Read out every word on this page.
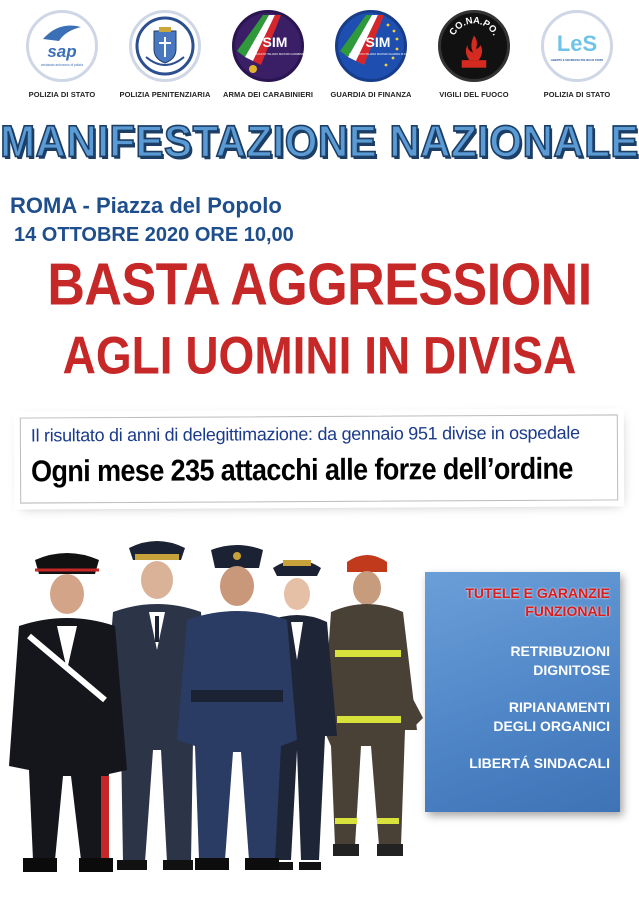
sap
sindacato autonomo di polizia
POLIZIA DI STATO	POLIZIA PENITENZIARIA
SIM
SINDACATO ITALIANO MILITARI CARABINIERI
ARMA DEI CARABINIERI
SIM
SINDACATO ITALIANO MILITARI GUARDIA DI FINANZA
GUARDIA DI FINANZA
CO.NA.PO.
VIGILI DEL FUOCO
LeS
LIBERTÀ E SICUREZZA POLIZIA DI STATO
POLIZIA DI STATO
MANIFESTAZIONE NAZIONALE
ROMA - Piazza del Popolo
14 OTTOBRE 2020 ORE 10,00
BASTA AGGRESSIONI
AGLI UOMINI IN DIVISA
Il risultato di anni di delegittimazione: da gennaio 951 divise in ospedale
Ogni mese 235 attacchi alle forze dell’ordine
TUTELE E GARANZIE
FUNZIONALI
RETRIBUZIONI
DIGNITOSE
RIPIANAMENTI
DEGLI ORGANICI
LIBERTÁ SINDACALI
